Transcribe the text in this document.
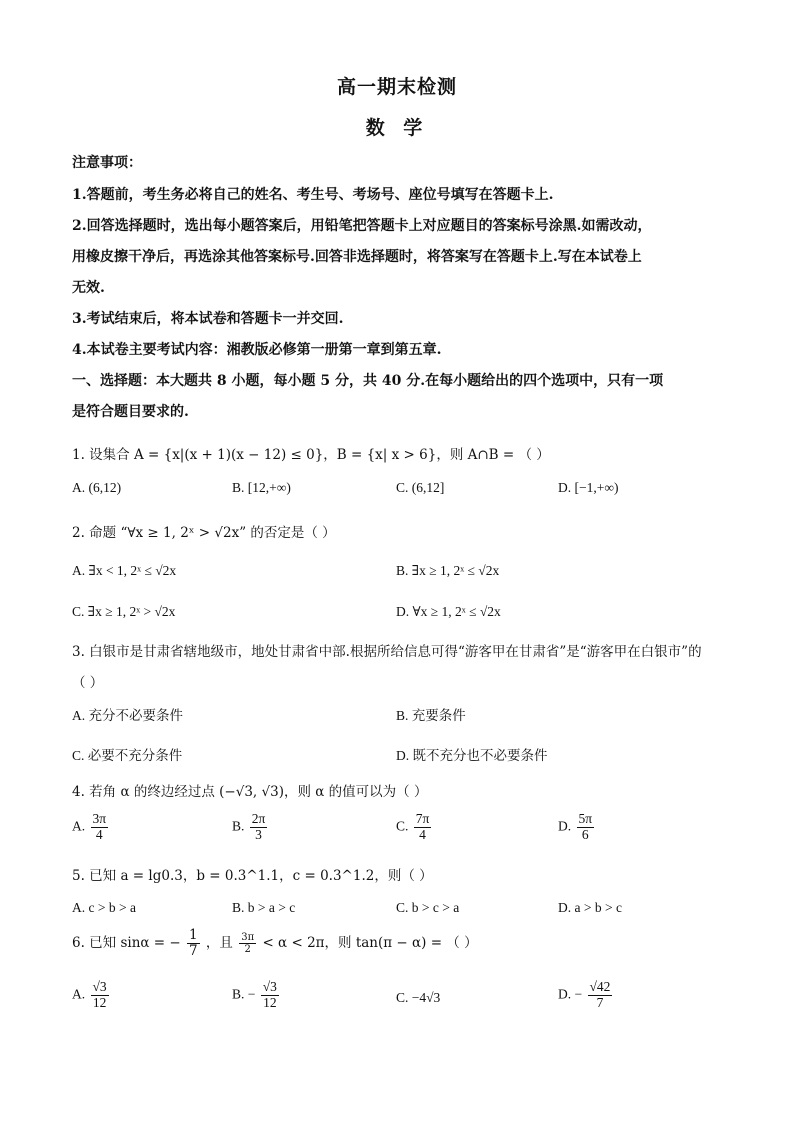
高一期末检测
数 学
注意事项：
1.答题前，考生务必将自己的姓名、考生号、考场号、座位号填写在答题卡上.
2.回答选择题时，选出每小题答案后，用铅笔把答题卡上对应题目的答案标号涂黑.如需改动，
用橡皮擦干净后，再选涂其他答案标号.回答非选择题时，将答案写在答题卡上.写在本试卷上
无效.
3.考试结束后，将本试卷和答题卡一并交回.
4.本试卷主要考试内容：湘教版必修第一册第一章到第五章.
一、选择题：本大题共 8 小题，每小题 5 分，共 40 分.在每小题给出的四个选项中，只有一项
是符合题目要求的.
1. 设集合 A = {x|(x + 1)(x − 12) ≤ 0}，B = {x| x > 6}，则 A∩B = （ ）
A. (6,12)	B. [12,+∞)	C. (6,12]	D. [−1,+∞)
2. 命题 “∀x ≥ 1, 2ˣ > √2x” 的否定是（ ）
A. ∃x < 1, 2ˣ ≤ √2x	B. ∃x ≥ 1, 2ˣ ≤ √2x
C. ∃x ≥ 1, 2ˣ > √2x	D. ∀x ≥ 1, 2ˣ ≤ √2x
3. 白银市是甘肃省辖地级市，地处甘肃省中部.根据所给信息可得“游客甲在甘肃省”是“游客甲在白银市”的
（ ）
A. 充分不必要条件	B. 充要条件
C. 必要不充分条件	D. 既不充分也不必要条件
4. 若角 α 的终边经过点 (−√3, √3)，则 α 的值可以为（ ）
A. $\frac{3\pi}{4}$	B. $\frac{2\pi}{3}$	C. $\frac{7\pi}{4}$	D. $\frac{5\pi}{6}$
5. 已知 a = lg0.3，b = 0.3^1.1，c = 0.3^1.2，则（ ）
A. c > b > a	B. b > a > c	C. b > c > a	D. a > b > c
6. 已知 sinα = − $\frac{1}{7}$ ，且 $\frac{3\pi}{2} < \alpha < 2\pi$，则 tan(π − α) = （ ）
A. $\frac{√3}{12}$	B. − $\frac{√3}{12}$	C. −4√3	D. − $\frac{√42}{7}$
